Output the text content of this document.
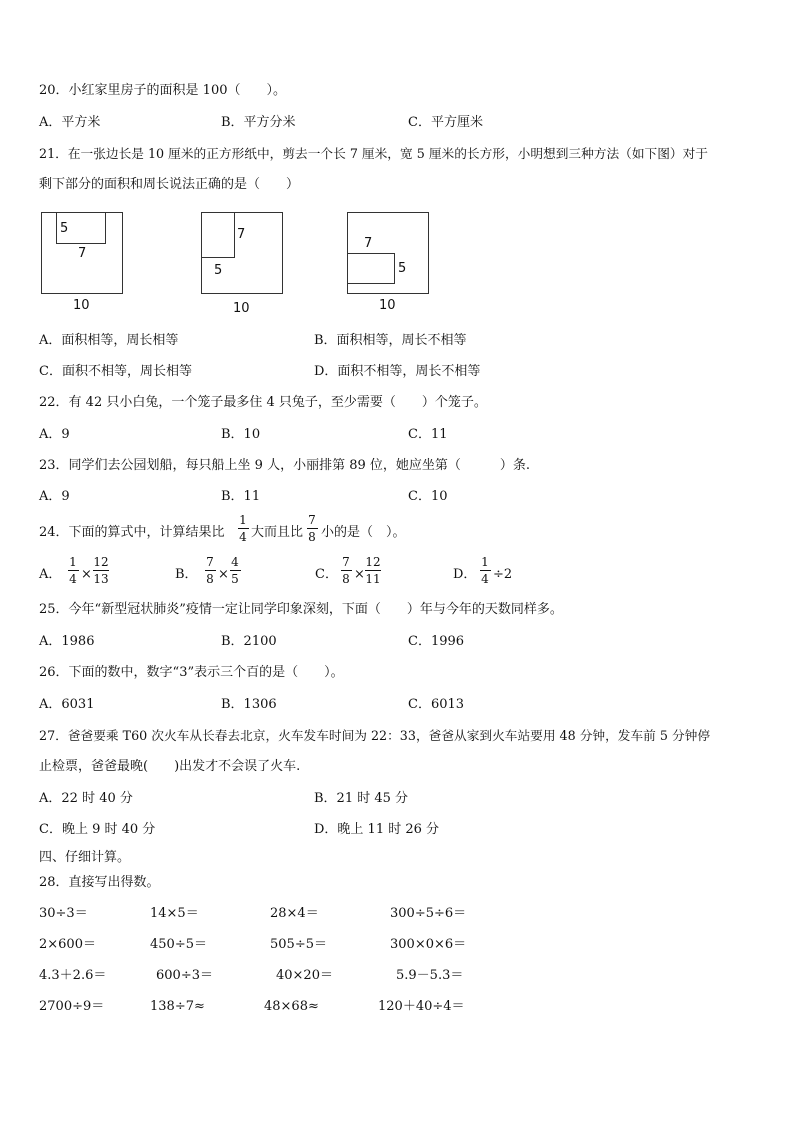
20．小红家里房子的面积是 100（　　）。
A．平方米	B．平方分米	C．平方厘米
21．在一张边长是 10 厘米的正方形纸中，剪去一个长 7 厘米，宽 5 厘米的长方形，小明想到三种方法（如下图）对于
剩下部分的面积和周长说法正确的是（　　）
5
7
10
7
5
10
7
5
10
A．面积相等，周长相等	B．面积相等，周长不相等
C．面积不相等，周长相等	D．面积不相等，周长不相等
22．有 42 只小白兔，一个笼子最多住 4 只兔子，至少需要（　　）个笼子。
A．9	B．10	C．11
23．同学们去公园划船，每只船上坐 9 人，小丽排第 89 位，她应坐第（　　　）条.
A．9	B．11	C．10
24．下面的算式中，计算结果比
1
4 大而且比
7
8 小的是（　）。
A．
1
4 ×
12
13	B．
7
8 ×
4
5	C．
7
8 ×
12
11	D．
1
4 ÷2
25．今年“新型冠状肺炎”疫情一定让同学印象深刻，下面（　　）年与今年的天数同样多。
A．1986	B．2100	C．1996
26．下面的数中，数字“3”表示三个百的是（　　）。
A．6031	B．1306	C．6013
27．爸爸要乘 T60 次火车从长春去北京，火车发车时间为 22：33，爸爸从家到火车站要用 48 分钟，发车前 5 分钟停
止检票，爸爸最晚(　　)出发才不会误了火车.
A．22 时 40 分	B．21 时 45 分
C．晚上 9 时 40 分	D．晚上 11 时 26 分
四、仔细计算。
28．直接写出得数。
30÷3＝	14×5＝	28×4＝	300÷5÷6＝
2×600＝	450÷5＝	505÷5＝	300×0×6＝
4.3＋2.6＝	600÷3＝	40×20＝	5.9－5.3＝
2700÷9＝	138÷7≈	48×68≈	120＋40÷4＝
